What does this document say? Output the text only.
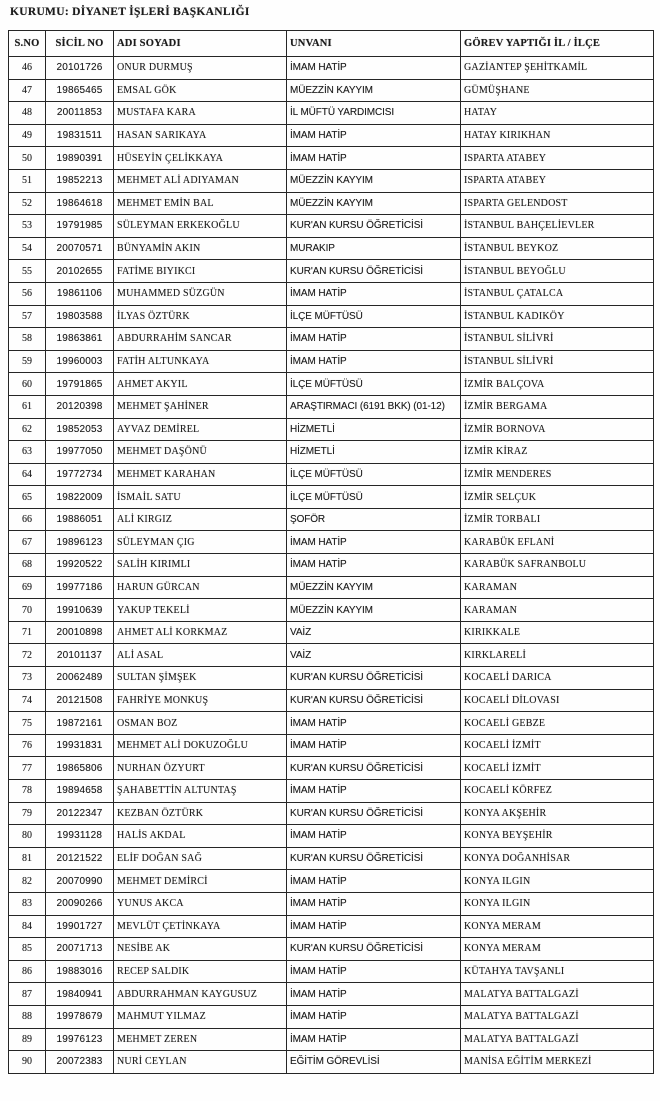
KURUMU: DİYANET İŞLERİ BAŞKANLIĞI
S.NO	SİCİL NO	ADI SOYADI	UNVANI	GÖREV YAPTIĞI İL / İLÇE
46	20101726	ONUR DURMUŞ	İMAM HATİP	GAZİANTEP ŞEHİTKAMİL
47	19865465	EMSAL GÖK	MÜEZZİN KAYYIM	GÜMÜŞHANE
48	20011853	MUSTAFA KARA	İL MÜFTÜ YARDIMCISI	HATAY
49	19831511	HASAN SARIKAYA	İMAM HATİP	HATAY KIRIKHAN
50	19890391	HÜSEYİN ÇELİKKAYA	İMAM HATİP	ISPARTA ATABEY
51	19852213	MEHMET ALİ ADIYAMAN	MÜEZZİN KAYYIM	ISPARTA ATABEY
52	19864618	MEHMET EMİN BAL	MÜEZZİN KAYYIM	ISPARTA GELENDOST
53	19791985	SÜLEYMAN ERKEKOĞLU	KUR'AN KURSU ÖĞRETİCİSİ	İSTANBUL BAHÇELİEVLER
54	20070571	BÜNYAMİN AKIN	MURAKIP	İSTANBUL BEYKOZ
55	20102655	FATİME BIYIKCI	KUR'AN KURSU ÖĞRETİCİSİ	İSTANBUL BEYOĞLU
56	19861106	MUHAMMED SÜZGÜN	İMAM HATİP	İSTANBUL ÇATALCA
57	19803588	İLYAS ÖZTÜRK	İLÇE MÜFTÜSÜ	İSTANBUL KADIKÖY
58	19863861	ABDURRAHİM SANCAR	İMAM HATİP	İSTANBUL SİLİVRİ
59	19960003	FATİH ALTUNKAYA	İMAM HATİP	İSTANBUL SİLİVRİ
60	19791865	AHMET AKYIL	İLÇE MÜFTÜSÜ	İZMİR BALÇOVA
61	20120398	MEHMET ŞAHİNER	ARAŞTIRMACI (6191 BKK) (01-12)	İZMİR BERGAMA
62	19852053	AYVAZ DEMİREL	HİZMETLİ	İZMİR BORNOVA
63	19977050	MEHMET DAŞÖNÜ	HİZMETLİ	İZMİR KİRAZ
64	19772734	MEHMET KARAHAN	İLÇE MÜFTÜSÜ	İZMİR MENDERES
65	19822009	İSMAİL SATU	İLÇE MÜFTÜSÜ	İZMİR SELÇUK
66	19886051	ALİ KIRGIZ	ŞOFÖR	İZMİR TORBALI
67	19896123	SÜLEYMAN ÇIG	İMAM HATİP	KARABÜK EFLANİ
68	19920522	SALİH KIRIMLI	İMAM HATİP	KARABÜK SAFRANBOLU
69	19977186	HARUN GÜRCAN	MÜEZZİN KAYYIM	KARAMAN
70	19910639	YAKUP TEKELİ	MÜEZZİN KAYYIM	KARAMAN
71	20010898	AHMET ALİ KORKMAZ	VAİZ	KIRIKKALE
72	20101137	ALİ ASAL	VAİZ	KIRKLARELİ
73	20062489	SULTAN ŞİMŞEK	KUR'AN KURSU ÖĞRETİCİSİ	KOCAELİ DARICA
74	20121508	FAHRİYE MONKUŞ	KUR'AN KURSU ÖĞRETİCİSİ	KOCAELİ DİLOVASI
75	19872161	OSMAN BOZ	İMAM HATİP	KOCAELİ GEBZE
76	19931831	MEHMET ALİ DOKUZOĞLU	İMAM HATİP	KOCAELİ İZMİT
77	19865806	NURHAN ÖZYURT	KUR'AN KURSU ÖĞRETİCİSİ	KOCAELİ İZMİT
78	19894658	ŞAHABETTİN ALTUNTAŞ	İMAM HATİP	KOCAELİ KÖRFEZ
79	20122347	KEZBAN ÖZTÜRK	KUR'AN KURSU ÖĞRETİCİSİ	KONYA AKŞEHİR
80	19931128	HALİS AKDAL	İMAM HATİP	KONYA BEYŞEHİR
81	20121522	ELİF DOĞAN SAĞ	KUR'AN KURSU ÖĞRETİCİSİ	KONYA DOĞANHİSAR
82	20070990	MEHMET DEMİRCİ	İMAM HATİP	KONYA ILGIN
83	20090266	YUNUS AKCA	İMAM HATİP	KONYA ILGIN
84	19901727	MEVLÜT ÇETİNKAYA	İMAM HATİP	KONYA MERAM
85	20071713	NESİBE AK	KUR'AN KURSU ÖĞRETİCİSİ	KONYA MERAM
86	19883016	RECEP SALDIK	İMAM HATİP	KÜTAHYA TAVŞANLI
87	19840941	ABDURRAHMAN KAYGUSUZ	İMAM HATİP	MALATYA BATTALGAZİ
88	19978679	MAHMUT YILMAZ	İMAM HATİP	MALATYA BATTALGAZİ
89	19976123	MEHMET ZEREN	İMAM HATİP	MALATYA BATTALGAZİ
90	20072383	NURİ CEYLAN	EĞİTİM GÖREVLİSİ	MANİSA EĞİTİM MERKEZİ
